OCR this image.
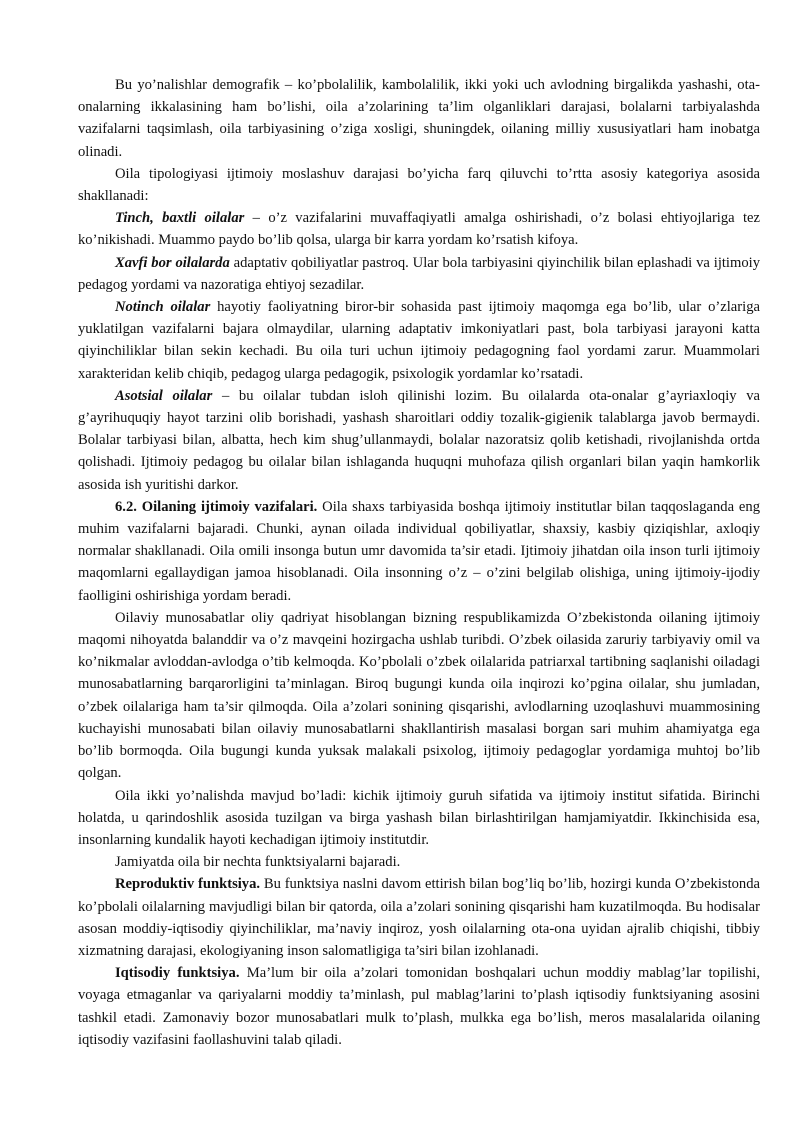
Bu yo’nalishlar demografik – ko’pbolalilik, kambolalilik, ikki yoki uch avlodning birgalikda yashashi, ota-onalarning ikkalasining ham bo’lishi, oila a’zolarining ta’lim olganliklari darajasi, bolalarni tarbiyalashda vazifalarni taqsimlash, oila tarbiyasining o’ziga xosligi, shuningdek, oilaning milliy xususiyatlari ham inobatga olinadi.

Oila tipologiyasi ijtimoiy moslashuv darajasi bo’yicha farq qiluvchi to’rtta asosiy kategoriya asosida shakllanadi:

Tinch, baxtli oilalar – o’z vazifalarini muvaffaqiyatli amalga oshirishadi, o’z bolasi ehtiyojlariga tez ko’nikishadi. Muammo paydo bo’lib qolsa, ularga bir karra yordam ko’rsatish kifoya.

Xavfi bor oilalarda adaptativ qobiliyatlar pastroq. Ular bola tarbiyasini qiyinchilik bilan eplashadi va ijtimoiy pedagog yordami va nazoratiga ehtiyoj sezadilar.

Notinch oilalar hayotiy faoliyatning biror-bir sohasida past ijtimoiy maqomga ega bo’lib, ular o’zlariga yuklatilgan vazifalarni bajara olmaydilar, ularning adaptativ imkoniyatlari past, bola tarbiyasi jarayoni katta qiyinchiliklar bilan sekin kechadi. Bu oila turi uchun ijtimoiy pedagogning faol yordami zarur. Muammolari xarakteridan kelib chiqib, pedagog ularga pedagogik, psixologik yordamlar ko’rsatadi.

Asotsial oilalar – bu oilalar tubdan isloh qilinishi lozim. Bu oilalarda ota-onalar g’ayriaxloqiy va g’ayrihuquqiy hayot tarzini olib borishadi, yashash sharoitlari oddiy tozalik-gigienik talablarga javob bermaydi. Bolalar tarbiyasi bilan, albatta, hech kim shug’ullanmaydi, bolalar nazoratsiz qolib ketishadi, rivojlanishda ortda qolishadi. Ijtimoiy pedagog bu oilalar bilan ishlaganda huquqni muhofaza qilish organlari bilan yaqin hamkorlik asosida ish yuritishi darkor.

6.2. Oilaning ijtimoiy vazifalari. Oila shaxs tarbiyasida boshqa ijtimoiy institutlar bilan taqqoslaganda eng muhim vazifalarni bajaradi. Chunki, aynan oilada individual qobiliyatlar, shaxsiy, kasbiy qiziqishlar, axloqiy normalar shakllanadi. Oila omili insonga butun umr davomida ta’sir etadi. Ijtimoiy jihatdan oila inson turli ijtimoiy maqomlarni egallaydigan jamoa hisoblanadi. Oila insonning o’z – o’zini belgilab olishiga, uning ijtimoiy-ijodiy faolligini oshirishiga yordam beradi.

Oilaviy munosabatlar oliy qadriyat hisoblangan bizning respublikamizda O’zbekistonda oilaning ijtimoiy maqomi nihoyatda balanddir va o’z mavqeini hozirgacha ushlab turibdi. O’zbek oilasida zaruriy tarbiyaviy omil va ko’nikmalar avloddan-avlodga o’tib kelmoqda. Ko’pbolali o’zbek oilalarida patriarxal tartibning saqlanishi oiladagi munosabatlarning barqarorligini ta’minlagan. Biroq bugungi kunda oila inqirozi ko’pgina oilalar, shu jumladan, o’zbek oilalariga ham ta’sir qilmoqda. Oila a’zolari sonining qisqarishi, avlodlarning uzoqlashuvi muammosining kuchayishi munosabati bilan oilaviy munosabatlarni shakllantirish masalasi borgan sari muhim ahamiyatga ega bo’lib bormoqda. Oila bugungi kunda yuksak malakali psixolog, ijtimoiy pedagoglar yordamiga muhtoj bo’lib qolgan.

Oila ikki yo’nalishda mavjud bo’ladi: kichik ijtimoiy guruh sifatida va ijtimoiy institut sifatida. Birinchi holatda, u qarindoshlik asosida tuzilgan va birga yashash bilan birlashtirilgan hamjamiyatdir. Ikkinchisida esa, insonlarning kundalik hayoti kechadigan ijtimoiy institutdir.

Jamiyatda oila bir nechta funktsiyalarni bajaradi.

Reproduktiv funktsiya. Bu funktsiya naslni davom ettirish bilan bog’liq bo’lib, hozirgi kunda O’zbekistonda ko’pbolali oilalarning mavjudligi bilan bir qatorda, oila a’zolari sonining qisqarishi ham kuzatilmoqda. Bu hodisalar asosan moddiy-iqtisodiy qiyinchiliklar, ma’naviy inqiroz, yosh oilalarning ota-ona uyidan ajralib chiqishi, tibbiy xizmatning darajasi, ekologiyaning inson salomatligiga ta’siri bilan izohlanadi.

Iqtisodiy funktsiya. Ma’lum bir oila a’zolari tomonidan boshqalari uchun moddiy mablag’lar topilishi, voyaga etmaganlar va qariyalarni moddiy ta’minlash, pul mablag’larini to’plash iqtisodiy funktsiyaning asosini tashkil etadi. Zamonaviy bozor munosabatlari mulk to’plash, mulkka ega bo’lish, meros masalalarida oilaning iqtisodiy vazifasini faollashuvini talab qiladi.
